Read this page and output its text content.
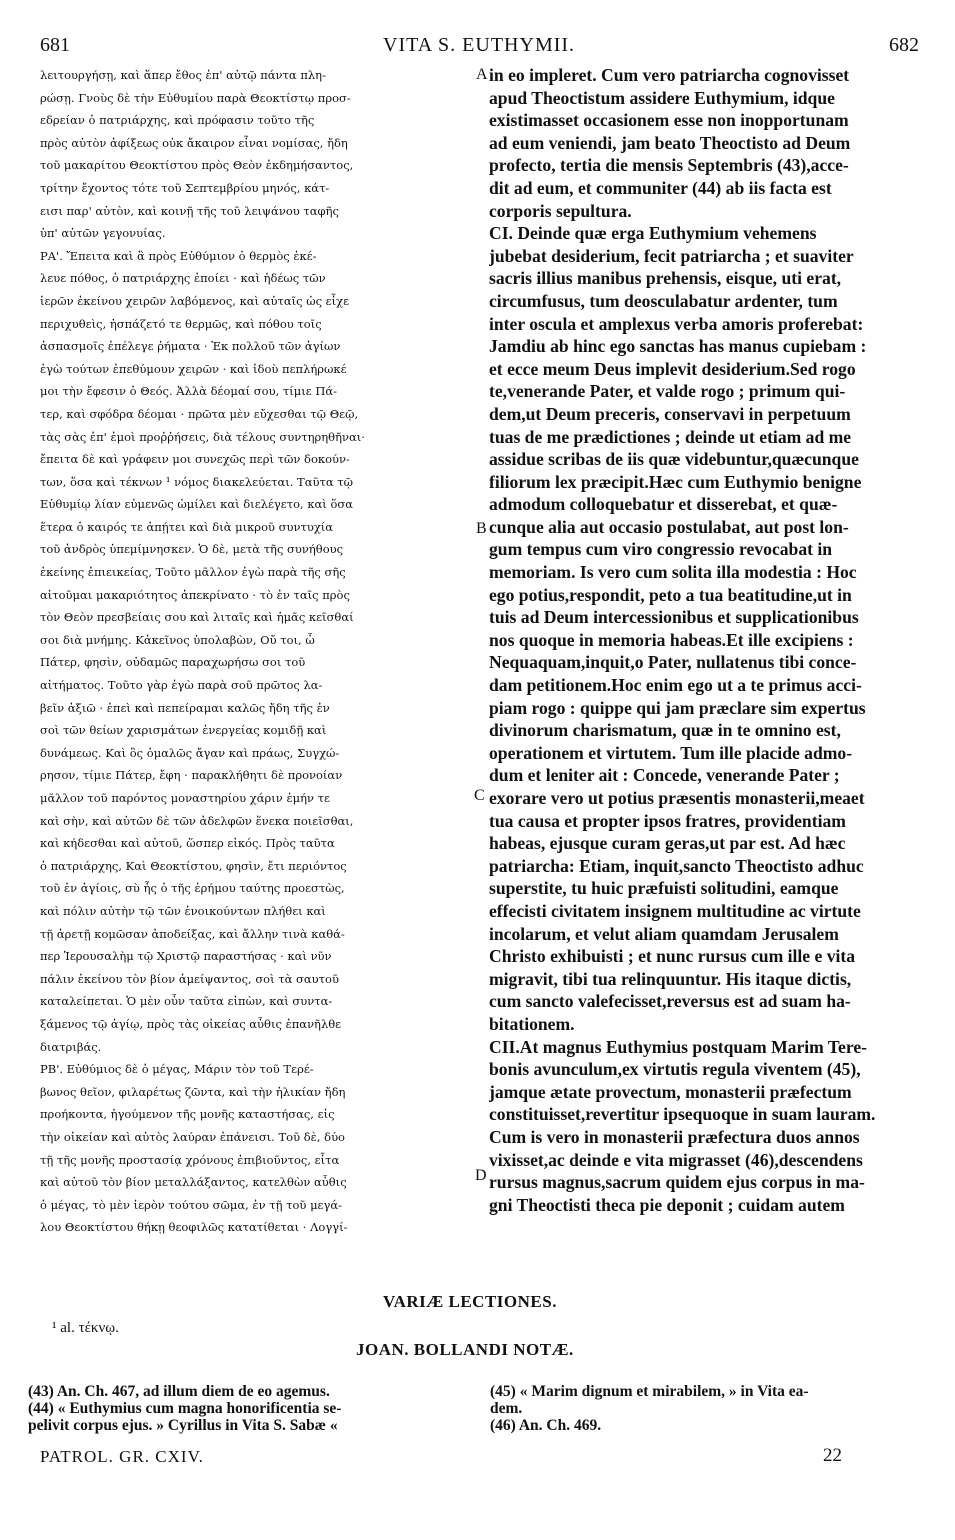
681	VITA S. EUTHYMII.	682
λειτουργήσῃ, καὶ ἅπερ ἔθος ἐπ' αὐτῷ πάντα πλη-
ρώσῃ. Γνοὺς δὲ τὴν Εὐθυμίου παρὰ Θεοκτίστῳ προσ-
εδρείαν ὁ πατριάρχης, καὶ πρόφασιν τοῦτο τῆς
πρὸς αὐτὸν ἀφίξεως οὐκ ἄκαιρον εἶναι νομίσας, ἤδη
τοῦ μακαρίτου Θεοκτίστου πρὸς Θεὸν ἐκδημήσαντος,
τρίτην ἔχοντος τότε τοῦ Σεπτεμβρίου μηνός, κάτ-
εισι παρ' αὐτὸν, καὶ κοινῇ τῆς τοῦ λειψάνου ταφῆς
ὑπ' αὐτῶν γεγονυίας.
ΡΑ'. Ἔπειτα καὶ ἃ πρὸς Εὐθύμιον ὁ θερμὸς ἐκέ-
λευε πόθος, ὁ πατριάρχης ἐποίει · καὶ ἡδέως τῶν
ἱερῶν ἐκείνου χειρῶν λαβόμενος, καὶ αὐταῖς ὡς εἶχε
περιχυθεὶς, ἠσπάζετό τε θερμῶς, καὶ πόθου τοῖς
ἀσπασμοῖς ἐπέλεγε ῥήματα · Ἐκ πολλοῦ τῶν ἁγίων
ἐγὼ τούτων ἐπεθύμουν χειρῶν · καὶ ἰδοὺ πεπλήρωκέ
μοι τὴν ἔφεσιν ὁ Θεός. Ἀλλὰ δέομαί σου, τίμιε Πά-
τερ, καὶ σφόδρα δέομαι · πρῶτα μὲν εὔχεσθαι τῷ Θεῷ,
τὰς σὰς ἐπ' ἐμοὶ προῤῥήσεις, διὰ τέλους συντηρηθῆναι·
ἔπειτα δὲ καὶ γράφειν μοι συνεχῶς περὶ τῶν δοκούν-
των, ὅσα καὶ τέκνων ¹ νόμος διακελεύεται. Ταῦτα τῷ
Εὐθυμίῳ λίαν εὐμενῶς ὡμίλει καὶ διελέγετο, καὶ ὅσα
ἕτερα ὁ καιρός τε ἀπῄτει καὶ διὰ μικροῦ συντυχία
τοῦ ἀνδρὸς ὑπεμίμνησκεν. Ὁ δὲ, μετὰ τῆς συνήθους
ἐκείνης ἐπιεικείας, Τοῦτο μᾶλλον ἐγὼ παρὰ τῆς σῆς
αἰτοῦμαι μακαριότητος ἀπεκρίνατο · τὸ ἐν ταῖς πρὸς
τὸν Θεὸν πρεσβείαις σου καὶ λιταῖς καὶ ἡμᾶς κεῖσθαί
σοι διὰ μνήμης. Κἀκεῖνος ὑπολαβὼν, Οὔ τοι, ὦ
Πάτερ, φησὶν, οὐδαμῶς παραχωρήσω σοι τοῦ
αἰτήματος. Τοῦτο γὰρ ἐγὼ παρὰ σοῦ πρῶτος λα-
βεῖν ἀξιῶ · ἐπεὶ καὶ πεπείραμαι καλῶς ἤδη τῆς ἐν
σοὶ τῶν θείων χαρισμάτων ἐνεργείας κομιδῇ καὶ
δυνάμεως. Καὶ ὃς ὁμαλῶς ἄγαν καὶ πράως, Συγχώ-
ρησον, τίμιε Πάτερ, ἔφη · παρακλήθητι δὲ προνοίαν
μᾶλλον τοῦ παρόντος μοναστηρίου χάριν ἐμήν τε
καὶ σὴν, καὶ αὐτῶν δὲ τῶν ἀδελφῶν ἕνεκα ποιεῖσθαι,
καὶ κήδεσθαι καὶ αὐτοῦ, ὥσπερ εἰκός. Πρὸς ταῦτα
ὁ πατριάρχης, Καὶ Θεοκτίστου, φησὶν, ἔτι περιόντος
τοῦ ἐν ἁγίοις, σὺ ἧς ὁ τῆς ἐρήμου ταύτης προεστὼς,
καὶ πόλιν αὐτὴν τῷ τῶν ἐνοικούντων πλήθει καὶ
τῇ ἀρετῇ κομῶσαν ἀποδείξας, καὶ ἄλλην τινὰ καθά-
περ Ἱερουσαλὴμ τῷ Χριστῷ παραστήσας · καὶ νῦν
πάλιν ἐκείνου τὸν βίον ἀμείψαντος, σοὶ τὰ σαυτοῦ
καταλείπεται. Ὁ μὲν οὖν ταῦτα εἰπὼν, καὶ συντα-
ξάμενος τῷ ἁγίῳ, πρὸς τὰς οἰκείας αὖθις ἐπανῆλθε
διατριβάς.
ΡΒ'. Εὐθύμιος δὲ ὁ μέγας, Μάριν τὸν τοῦ Τερέ-
βωνος θεῖον, φιλαρέτως ζῶντα, καὶ τὴν ἡλικίαν ἤδη
προήκοντα, ἡγούμενον τῆς μονῆς καταστήσας, εἰς
τὴν οἰκείαν καὶ αὐτὸς λαύραν ἐπάνεισι. Τοῦ δὲ, δύο
τῇ τῆς μονῆς προστασίᾳ χρόνους ἐπιβιοῦντος, εἶτα
καὶ αὐτοῦ τὸν βίον μεταλλάξαντος, κατελθὼν αὖθις
ὁ μέγας, τὸ μὲν ἱερὸν τούτου σῶμα, ἐν τῇ τοῦ μεγά-
λου Θεοκτίστου θήκῃ θεοφιλῶς κατατίθεται · Λογγί-
in eo impleret. Cum vero patriarcha cognovisset
apud Theoctistum assidere Euthymium, idque
existimasset occasionem esse non inopportunam
ad eum veniendi, jam beato Theoctisto ad Deum
profecto, tertia die mensis Septembris (43),acce-
dit ad eum, et communiter (44) ab iis facta est
corporis sepultura.
CI. Deinde quæ erga Euthymium vehemens
jubebat desiderium, fecit patriarcha ; et suaviter
sacris illius manibus prehensis, eisque, uti erat,
circumfusus, tum deosculabatur ardenter, tum
inter oscula et amplexus verba amoris proferebat:
Jamdiu ab hinc ego sanctas has manus cupiebam :
et ecce meum Deus implevit desiderium.Sed rogo
te,venerande Pater, et valde rogo ; primum qui-
dem,ut Deum preceris, conservavi in perpetuum
tuas de me prædictiones ; deinde ut etiam ad me
assidue scribas de iis quæ videbuntur,quæcunque
filiorum lex præcipit.Hæc cum Euthymio benigne
admodum colloquebatur et disserebat, et quæ-
cunque alia aut occasio postulabat, aut post lon-
gum tempus cum viro congressio revocabat in
memoriam. Is vero cum solita illa modestia : Hoc
ego potius,respondit, peto a tua beatitudine,ut in
tuis ad Deum intercessionibus et supplicationibus
nos quoque in memoria habeas.Et ille excipiens :
Nequaquam,inquit,o Pater, nullatenus tibi conce-
dam petitionem.Hoc enim ego ut a te primus acci-
piam rogo : quippe qui jam præclare sim expertus
divinorum charismatum, quæ in te omnino est,
operationem et virtutem. Tum ille placide admo-
dum et leniter ait : Concede, venerande Pater ;
exorare vero ut potius præsentis monasterii,meaet
tua causa et propter ipsos fratres, providentiam
habeas, ejusque curam geras,ut par est. Ad hæc
patriarcha: Etiam, inquit,sancto Theoctisto adhuc
superstite, tu huic præfuisti solitudini, eamque
effecisti civitatem insignem multitudine ac virtute
incolarum, et velut aliam quamdam Jerusalem
Christo exhibuisti ; et nunc rursus cum ille e vita
migravit, tibi tua relinquuntur. His itaque dictis,
cum sancto valefecisset,reversus est ad suam ha-
bitationem.
CII.At magnus Euthymius postquam Marim Tere-
bonis avunculum,ex virtutis regula viventem (45),
jamque ætate provectum, monasterii præfectum
constituisset,revertitur ipsequoque in suam lauram.
Cum is vero in monasterii præfectura duos annos
vixisset,ac deinde e vita migrasset (46),descendens
rursus magnus,sacrum quidem ejus corpus in ma-
gni Theoctisti theca pie deponit ; cuidam autem
A
B
C
D
VARIÆ LECTIONES.
¹ al. τέκνῳ.
JOAN. BOLLANDI NOTÆ.
(43) An. Ch. 467, ad illum diem de eo agemus.
(44) « Euthymius cum magna honorificentia se-
pelivit corpus ejus. » Cyrillus in Vita S. Sabæ «
(45) « Marim dignum et mirabilem, » in Vita ea-
dem.
(46) An. Ch. 469.
PATROL. GR. CXIV.	22
